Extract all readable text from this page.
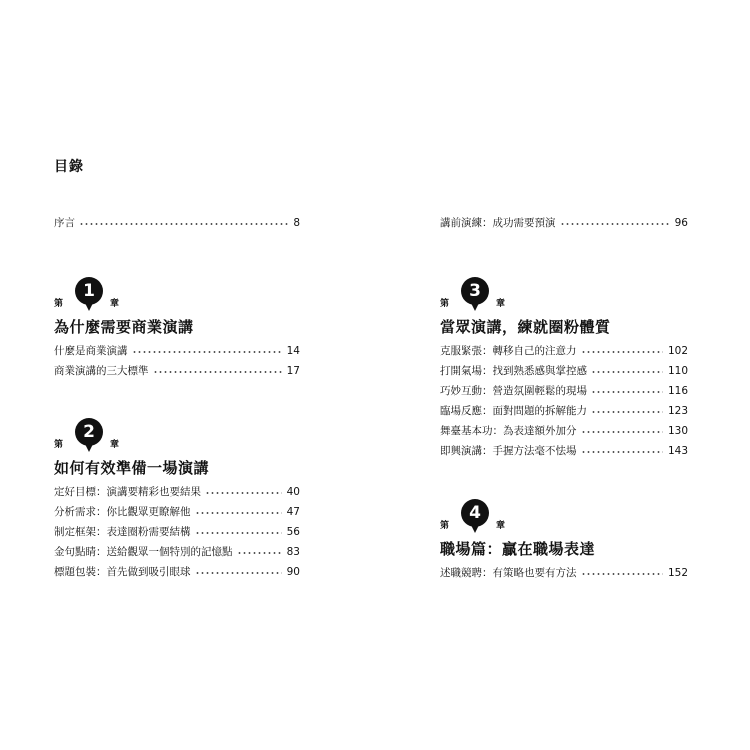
目錄
序言	8
第
1
章
為什麼需要商業演講
什麼是商業演講	14
商業演講的三大標準	17
第
2
章
如何有效準備一場演講
定好目標：演講要精彩也要結果	40
分析需求：你比觀眾更瞭解他	47
制定框架：表達圈粉需要結構	56
金句點睛：送給觀眾一個特別的記憶點	83
標題包裝：首先做到吸引眼球	90
講前演練：成功需要預演	96
第
3
章
當眾演講，練就圈粉體質
克服緊張：轉移自己的注意力	102
打開氣場：找到熟悉感與掌控感	110
巧妙互動：營造氛圍輕鬆的現場	116
臨場反應：面對問題的拆解能力	123
舞臺基本功：為表達額外加分	130
即興演講：手握方法毫不怯場	143
第
4
章
職場篇：贏在職場表達
述職競聘：有策略也要有方法	152
